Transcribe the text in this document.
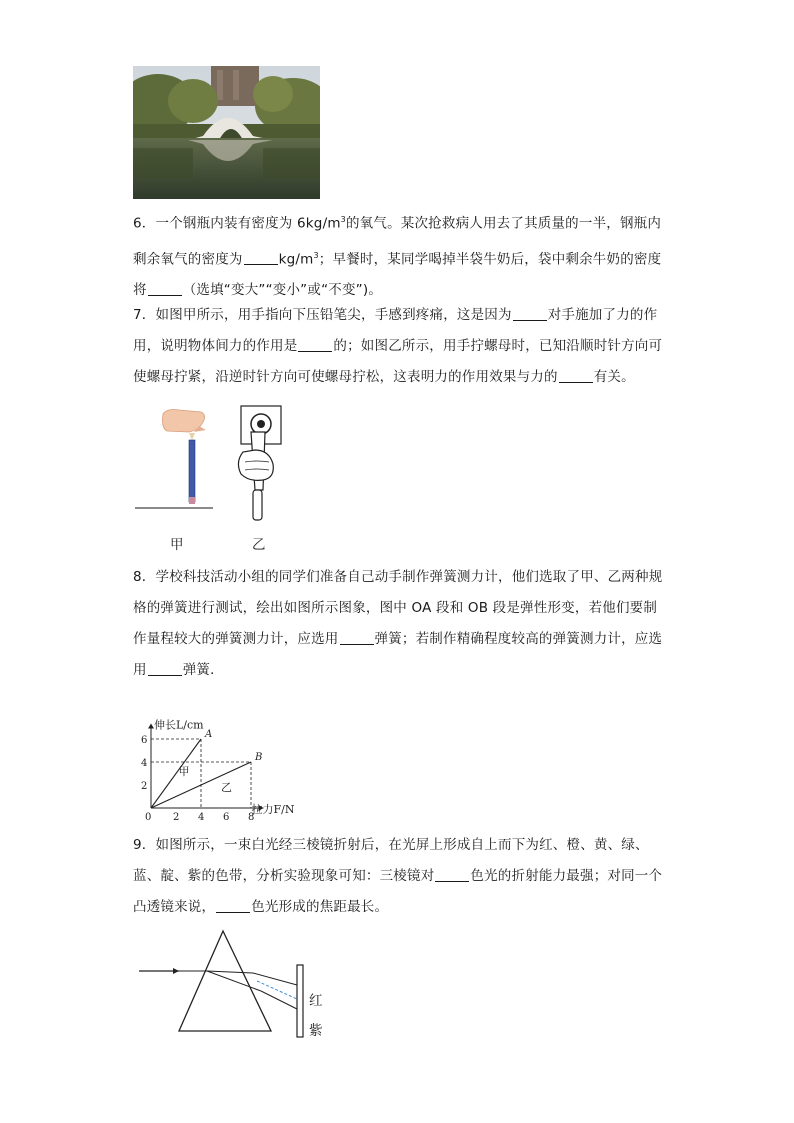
6．一个钢瓶内装有密度为 $6kg/m^3$的氧气。某次抢救病人用去了其质量的一半，钢瓶内剩余氧气的密度为	$kg/m^3$；早餐时，某同学喝掉半袋牛奶后，袋中剩余牛奶的密度将	（选填“变大”“变小”或“不变”)。
7．如图甲所示，用手指向下压铅笔尖，手感到疼痛，这是因为	对手施加了力的作用，说明物体间力的作用是	的；如图乙所示，用手拧螺母时，已知沿顺时针方向可使螺母拧紧，沿逆时针方向可使螺母拧松，这表明力的作用效果与力的	有关。
甲	乙
8．学校科技活动小组的同学们准备自己动手制作弹簧测力计，他们选取了甲、乙两种规格的弹簧进行测试，绘出如图所示图象，图中 OA 段和 OB 段是弹性形变，若他们要制作量程较大的弹簧测力计，应选用	弹簧；若制作精确程度较高的弹簧测力计，应选用	弹簧．
伸长L/cm
拉力F/N
0 2 4 6 8
2
4
6
A
B
甲
乙
9．如图所示，一束白光经三棱镜折射后，在光屏上形成自上而下为红、橙、黄、绿、蓝、靛、紫的色带，分析实验现象可知：三棱镜对	色光的折射能力最强；对同一个凸透镜来说，	色光形成的焦距最长。
红
紫
